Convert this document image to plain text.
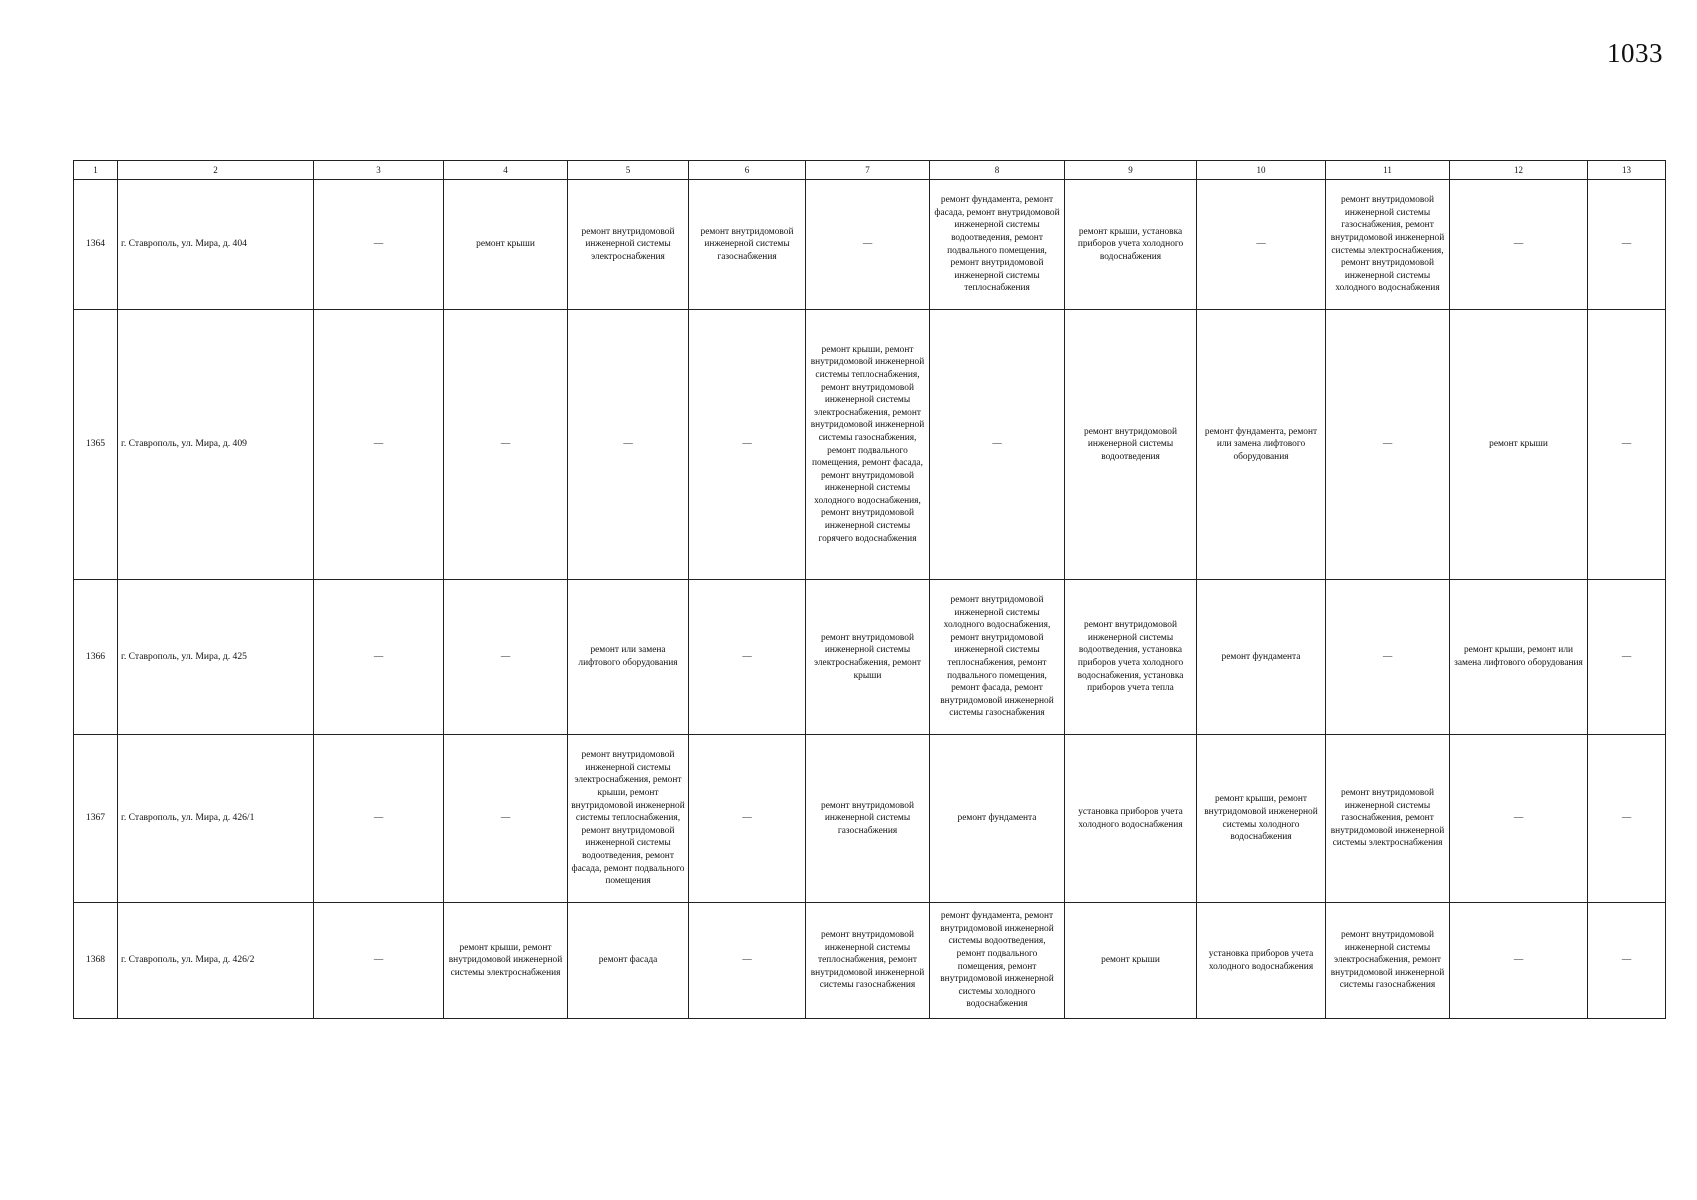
1033
1	2	3	4	5	6	7	8	9	10	11	12	13
1364	г. Ставрополь, ул. Мира, д. 404	—	ремонт крыши	ремонт внутридомовой инженерной системы электроснабжения	ремонт внутридомовой инженерной системы газоснабжения	—	ремонт фундамента, ремонт фасада, ремонт внутридомовой инженерной системы водоотведения, ремонт подвального помещения, ремонт внутридомовой инженерной системы теплоснабжения	ремонт крыши, установка приборов учета холодного водоснабжения	—	ремонт внутридомовой инженерной системы газоснабжения, ремонт внутридомовой инженерной системы электроснабжения, ремонт внутридомовой инженерной системы холодного водоснабжения	—	—
1365	г. Ставрополь, ул. Мира, д. 409	—	—	—	—	ремонт крыши, ремонт внутридомовой инженерной системы теплоснабжения, ремонт внутридомовой инженерной системы электроснабжения, ремонт внутридомовой инженерной системы газоснабжения, ремонт подвального помещения, ремонт фасада, ремонт внутридомовой инженерной системы холодного водоснабжения, ремонт внутридомовой инженерной системы горячего водоснабжения	—	ремонт внутридомовой инженерной системы водоотведения	ремонт фундамента, ремонт или замена лифтового оборудования	—	ремонт крыши	—
1366	г. Ставрополь, ул. Мира, д. 425	—	—	ремонт или замена лифтового оборудования	—	ремонт внутридомовой инженерной системы электроснабжения, ремонт крыши	ремонт внутридомовой инженерной системы холодного водоснабжения, ремонт внутридомовой инженерной системы теплоснабжения, ремонт подвального помещения, ремонт фасада, ремонт внутридомовой инженерной системы газоснабжения	ремонт внутридомовой инженерной системы водоотведения, установка приборов учета холодного водоснабжения, установка приборов учета тепла	ремонт фундамента	—	ремонт крыши, ремонт или замена лифтового оборудования	—
1367	г. Ставрополь, ул. Мира, д. 426/1	—	—	ремонт внутридомовой инженерной системы электроснабжения, ремонт крыши, ремонт внутридомовой инженерной системы теплоснабжения, ремонт внутридомовой инженерной системы водоотведения, ремонт фасада, ремонт подвального помещения	—	ремонт внутридомовой инженерной системы газоснабжения	ремонт фундамента	установка приборов учета холодного водоснабжения	ремонт крыши, ремонт внутридомовой инженерной системы холодного водоснабжения	ремонт внутридомовой инженерной системы газоснабжения, ремонт внутридомовой инженерной системы электроснабжения	—	—
1368	г. Ставрополь, ул. Мира, д. 426/2	—	ремонт крыши, ремонт внутридомовой инженерной системы электроснабжения	ремонт фасада	—	ремонт внутридомовой инженерной системы теплоснабжения, ремонт внутридомовой инженерной системы газоснабжения	ремонт фундамента, ремонт внутридомовой инженерной системы водоотведения, ремонт подвального помещения, ремонт внутридомовой инженерной системы холодного водоснабжения	ремонт крыши	установка приборов учета холодного водоснабжения	ремонт внутридомовой инженерной системы электроснабжения, ремонт внутридомовой инженерной системы газоснабжения	—	—
